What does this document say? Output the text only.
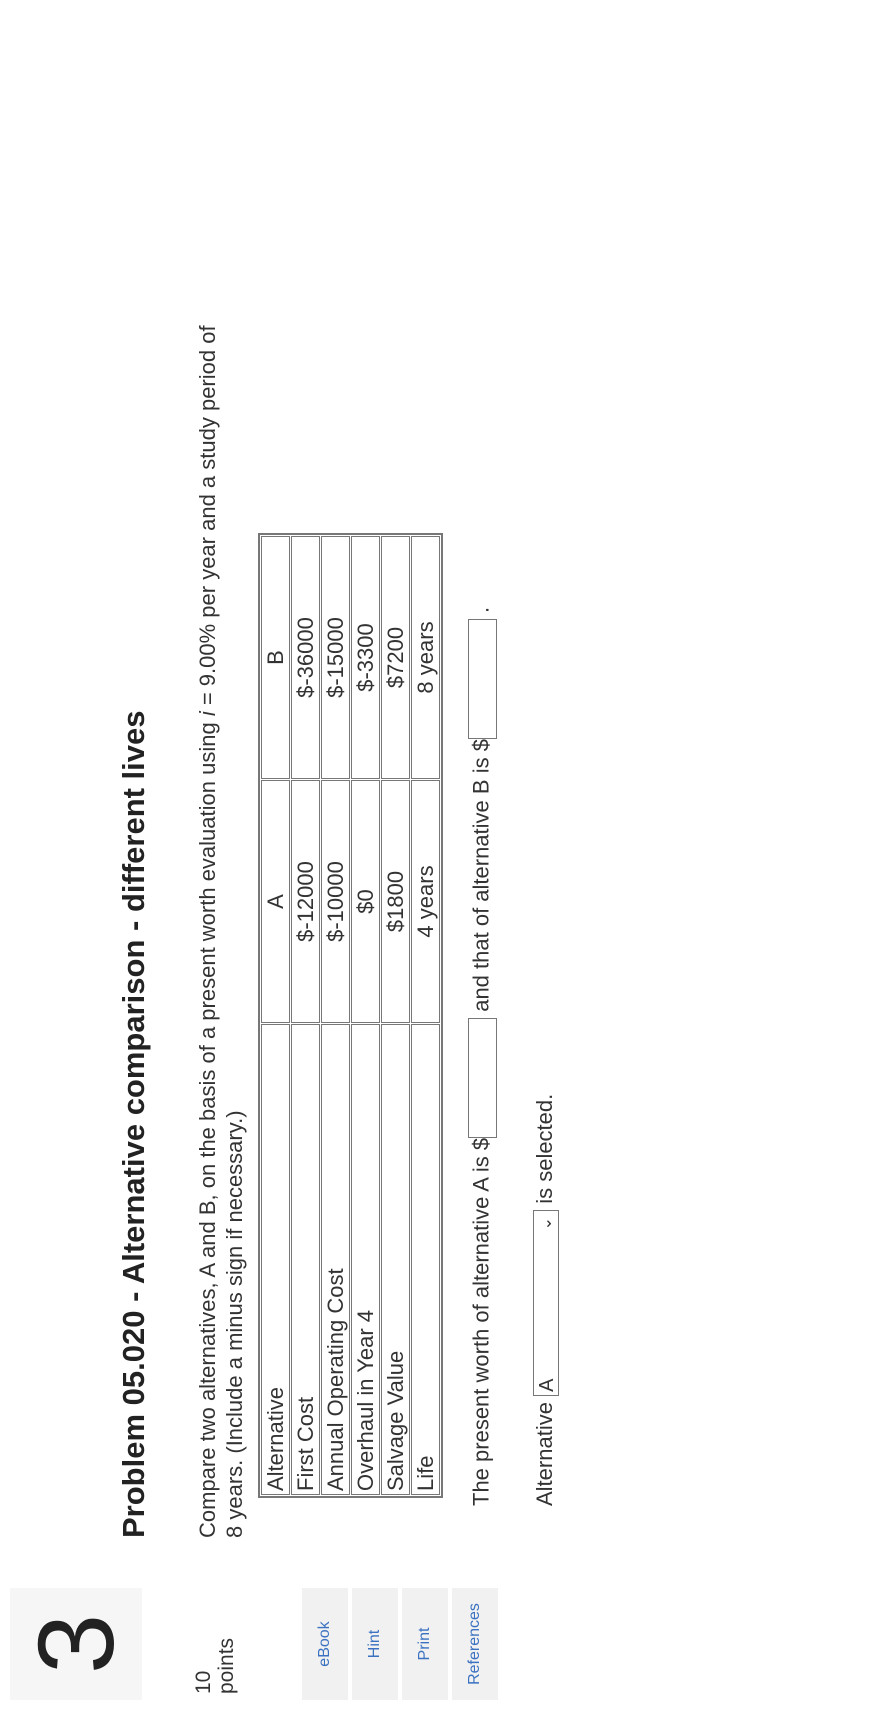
3
10 points	eBook	Hint	Print	References
Problem 05.020 - Alternative comparison - different lives Compare two alternatives, A and B, on the basis of a present worth evaluation using i = 9.00% per year and a study period of 8 years. (Include a minus sign if necessary.) Alternative	A	B
First Cost	$-12000	$-36000
Annual Operating Cost	$-10000	$-15000
Overhaul in Year 4	$0	$-3300
Salvage Value	$1800	$7200
Life	4 years	8 years
The present worth of alternative A is $ and that of alternative B is $ .
Alternative A
⌄
is selected.
